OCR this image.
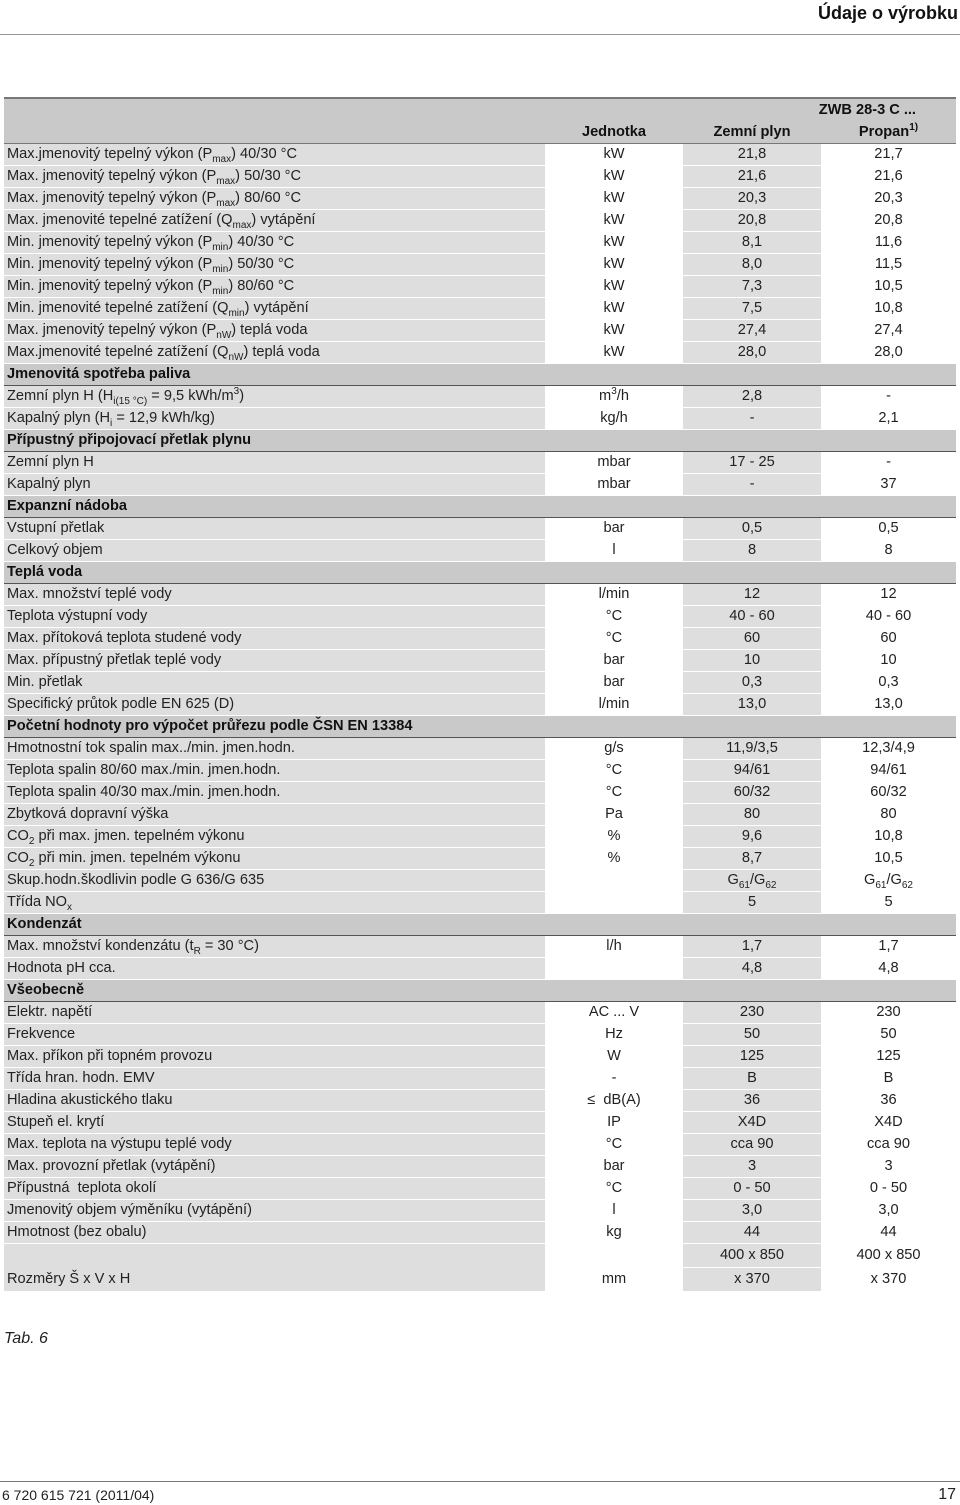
Údaje o výrobku
		ZWB 28-3 C ...	
	Jednotka	Zemní plyn	Propan$^{1)}$
Max.jmenovitý tepelný výkon $(P_{max})$ 40/30 °C	kW	21,8	21,7
Max. jmenovitý tepelný výkon $(P_{max})$ 50/30 °C	kW	21,6	21,6
Max. jmenovitý tepelný výkon $(P_{max})$ 80/60 °C	kW	20,3	20,3
Max. jmenovité tepelné zatížení $(Q_{max})$ vytápění	kW	20,8	20,8
Min. jmenovitý tepelný výkon $(P_{min})$ 40/30 °C	kW	8,1	11,6
Min. jmenovitý tepelný výkon $(P_{min})$ 50/30 °C	kW	8,0	11,5
Min. jmenovitý tepelný výkon $(P_{min})$ 80/60 °C	kW	7,3	10,5
Min. jmenovité tepelné zatížení $(Q_{min})$ vytápění	kW	7,5	10,8
Max. jmenovitý tepelný výkon $(P_{nW})$ teplá voda	kW	27,4	27,4
Max.jmenovité tepelné zatížení $(Q_{nW})$ teplá voda	kW	28,0	28,0
Jmenovitá spotřeba paliva			
Zemní plyn H ($H_{i(15 ^\circ C)} = 9,5$ kWh/$m^3$)	$m^3/h$	2,8	-
Kapalný plyn ($H_i = 12,9$ kWh/kg)	kg/h	-	2,1
Přípustný připojovací přetlak plynu			
Zemní plyn H	mbar	17 - 25	-
Kapalný plyn	mbar	-	37
Expanzní nádoba			
Vstupní přetlak	bar	0,5	0,5
Celkový objem	l	8	8
Teplá voda			
Max. množství teplé vody	l/min	12	12
Teplota výstupní vody	°C	40 - 60	40 - 60
Max. přítoková teplota studené vody	°C	60	60
Max. přípustný přetlak teplé vody	bar	10	10
Min. přetlak	bar	0,3	0,3
Specifický průtok podle EN 625 (D)	l/min	13,0	13,0
Početní hodnoty pro výpočet průřezu podle ČSN EN 13384			
Hmotnostní tok spalin max../min. jmen.hodn.	g/s	11,9/3,5	12,3/4,9
Teplota spalin 80/60 max./min. jmen.hodn.	°C	94/61	94/61
Teplota spalin 40/30 max./min. jmen.hodn.	°C	60/32	60/32
Zbytková dopravní výška	Pa	80	80
$CO_2$ při max. jmen. tepelném výkonu	%	9,6	10,8
$CO_2$ při min. jmen. tepelném výkonu	%	8,7	10,5
Skup.hodn.škodlivin podle G 636/G 635		$G_{61}/G_{62}$	$G_{61}/G_{62}$
Třída $NO_x$		5	5
Kondenzát			
Max. množství kondenzátu ($t_R = 30$ °C)	l/h	1,7	1,7
Hodnota pH cca.		4,8	4,8
Všeobecně			
Elektr. napětí	AC ... V	230	230
Frekvence	Hz	50	50
Max. příkon při topném provozu	W	125	125
Třída hran. hodn. EMV	-	B	B
Hladina akustického tlaku	≤ dB(A)	36	36
Stupeň el. krytí	IP	X4D	X4D
Max. teplota na výstupu teplé vody	°C	cca 90	cca 90
Max. provozní přetlak (vytápění)	bar	3	3
Přípustná  teplota okolí	°C	0 - 50	0 - 50
Jmenovitý objem výměníku (vytápění)	l	3,0	3,0
Hmotnost (bez obalu)	kg	44	44
		400 x 850	400 x 850
Rozměry Š x V x H	mm	x 370	x 370
Tab. 6
6 720 615 721 (2011/04)	17
